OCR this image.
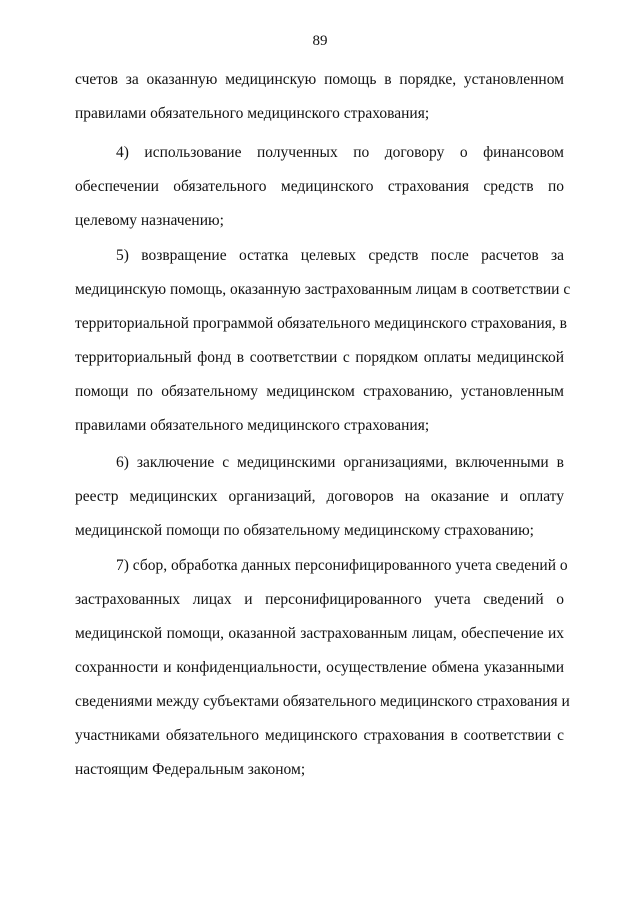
89
счетов за оказанную медицинскую помощь в порядке, установленном
правилами обязательного медицинского страхования;
4) использование полученных по договору о финансовом
обеспечении обязательного медицинского страхования средств по
целевому назначению;
5) возвращение остатка целевых средств после расчетов за
медицинскую помощь, оказанную застрахованным лицам в соответствии с
территориальной программой обязательного медицинского страхования, в
территориальный фонд в соответствии с порядком оплаты медицинской
помощи по обязательному медицинском страхованию, установленным
правилами обязательного медицинского страхования;
6) заключение с медицинскими организациями, включенными в
реестр медицинских организаций, договоров на оказание и оплату
медицинской помощи по обязательному медицинскому страхованию;
7) сбор, обработка данных персонифицированного учета сведений о
застрахованных лицах и персонифицированного учета сведений о
медицинской помощи, оказанной застрахованным лицам, обеспечение их
сохранности и конфиденциальности, осуществление обмена указанными
сведениями между субъектами обязательного медицинского страхования и
участниками обязательного медицинского страхования в соответствии с
настоящим Федеральным законом;
